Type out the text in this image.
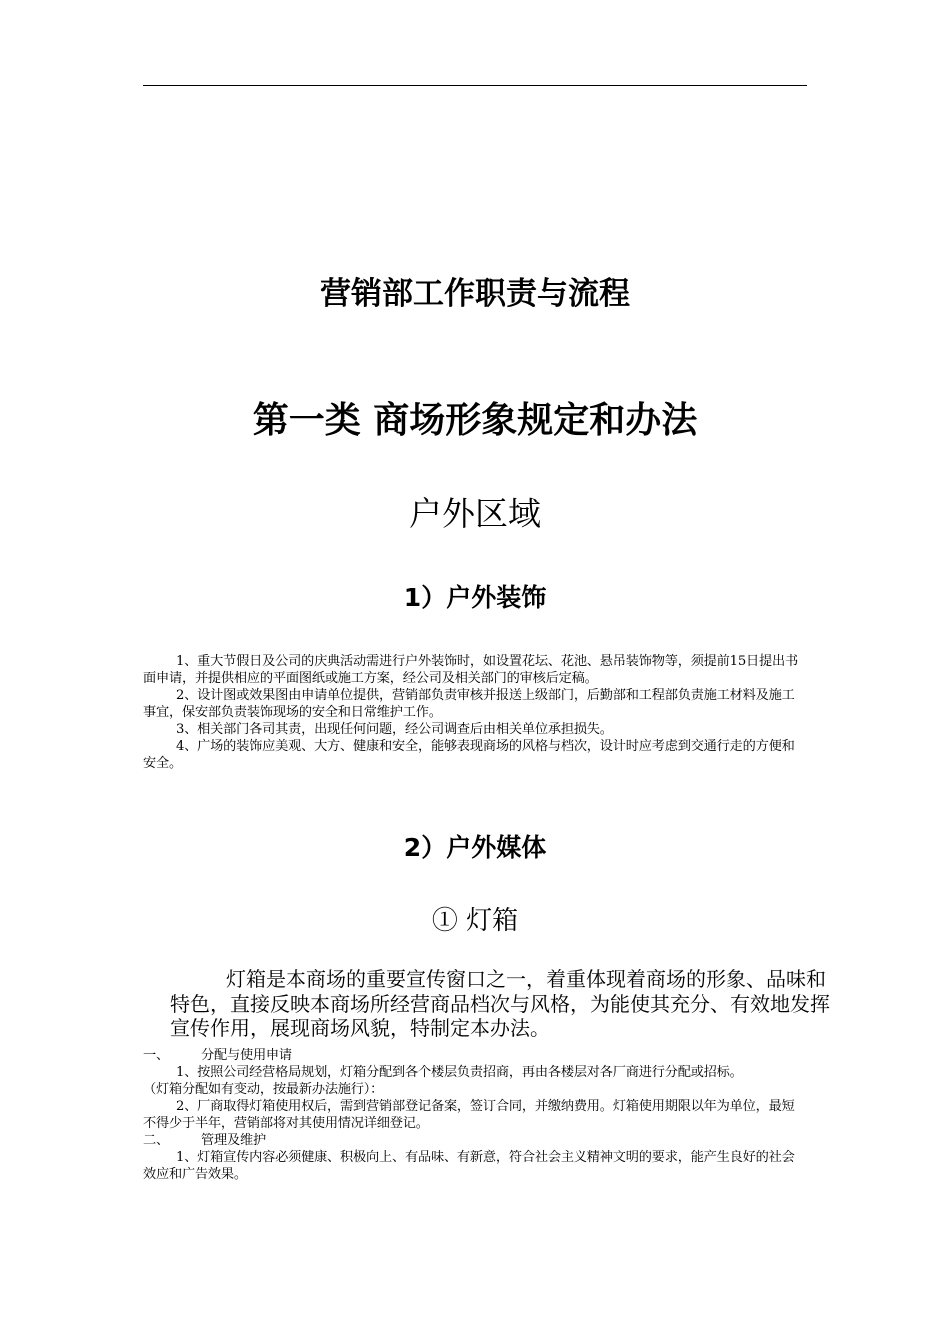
营销部工作职责与流程
第一类 商场形象规定和办法
户外区域
1）户外装饰

1、重大节假日及公司的庆典活动需进行户外装饰时，如设置花坛、花池、悬吊装饰物等，须提前15日提出书面申请，并提供相应的平面图纸或施工方案，经公司及相关部门的审核后定稿。

2、设计图或效果图由申请单位提供，营销部负责审核并报送上级部门，后勤部和工程部负责施工材料及施工事宜，保安部负责装饰现场的安全和日常维护工作。

3、相关部门各司其责，出现任何问题，经公司调查后由相关单位承担损失。

4、广场的装饰应美观、大方、健康和安全，能够表现商场的风格与档次，设计时应考虑到交通行走的方便和安全。

2）户外媒体
① 灯箱

灯箱是本商场的重要宣传窗口之一，着重体现着商场的形象、品味和特色，直接反映本商场所经营商品档次与风格，为能使其充分、有效地发挥宣传作用，展现商场风貌，特制定本办法。

一、	分配与使用申请

1、按照公司经营格局规划，灯箱分配到各个楼层负责招商，再由各楼层对各厂商进行分配或招标。

（灯箱分配如有变动，按最新办法施行）：

2、厂商取得灯箱使用权后，需到营销部登记备案，签订合同，并缴纳费用。灯箱使用期限以年为单位，最短不得少于半年，营销部将对其使用情况详细登记。

二、	管理及维护

1、灯箱宣传内容必须健康、积极向上、有品味、有新意，符合社会主义精神文明的要求，能产生良好的社会效应和广告效果。
